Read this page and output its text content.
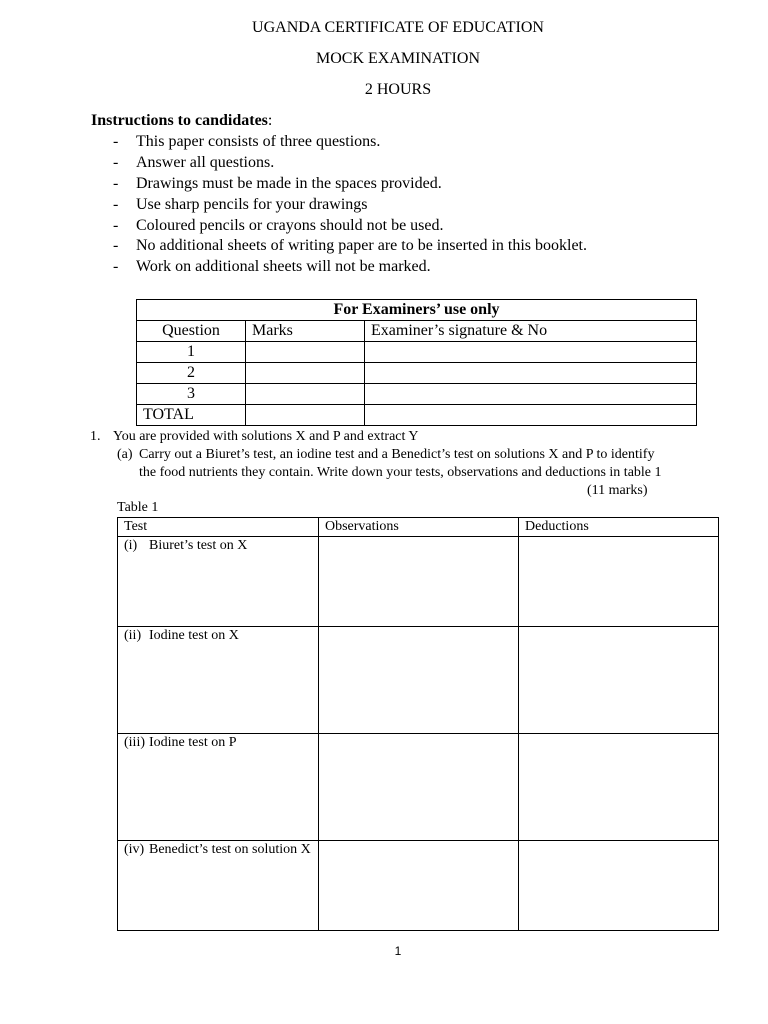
UGANDA CERTIFICATE OF EDUCATION
MOCK EXAMINATION
2 HOURS
Instructions to candidates:
- This paper consists of three questions.
- Answer all questions.
- Drawings must be made in the spaces provided.
- Use sharp pencils for your drawings
- Coloured pencils or crayons should not be used.
- No additional sheets of writing paper are to be inserted in this booklet.
- Work on additional sheets will not be marked.
For Examiners’ use only		
Question	Marks	Examiner’s signature & No
1		
2		
3		
TOTAL		
1. You are provided with solutions X and P and extract Y
(a) Carry out a Biuret’s test, an iodine test and a Benedict’s test on solutions X and P to identify
the food nutrients they contain. Write down your tests, observations and deductions in table 1
(11 marks)
Table 1
Test	Observations	Deductions

(i) Biuret’s test on X		

(ii) Iodine test on X		

(iii) Iodine test on P		

(iv) Benedict’s test on solution X		

1
